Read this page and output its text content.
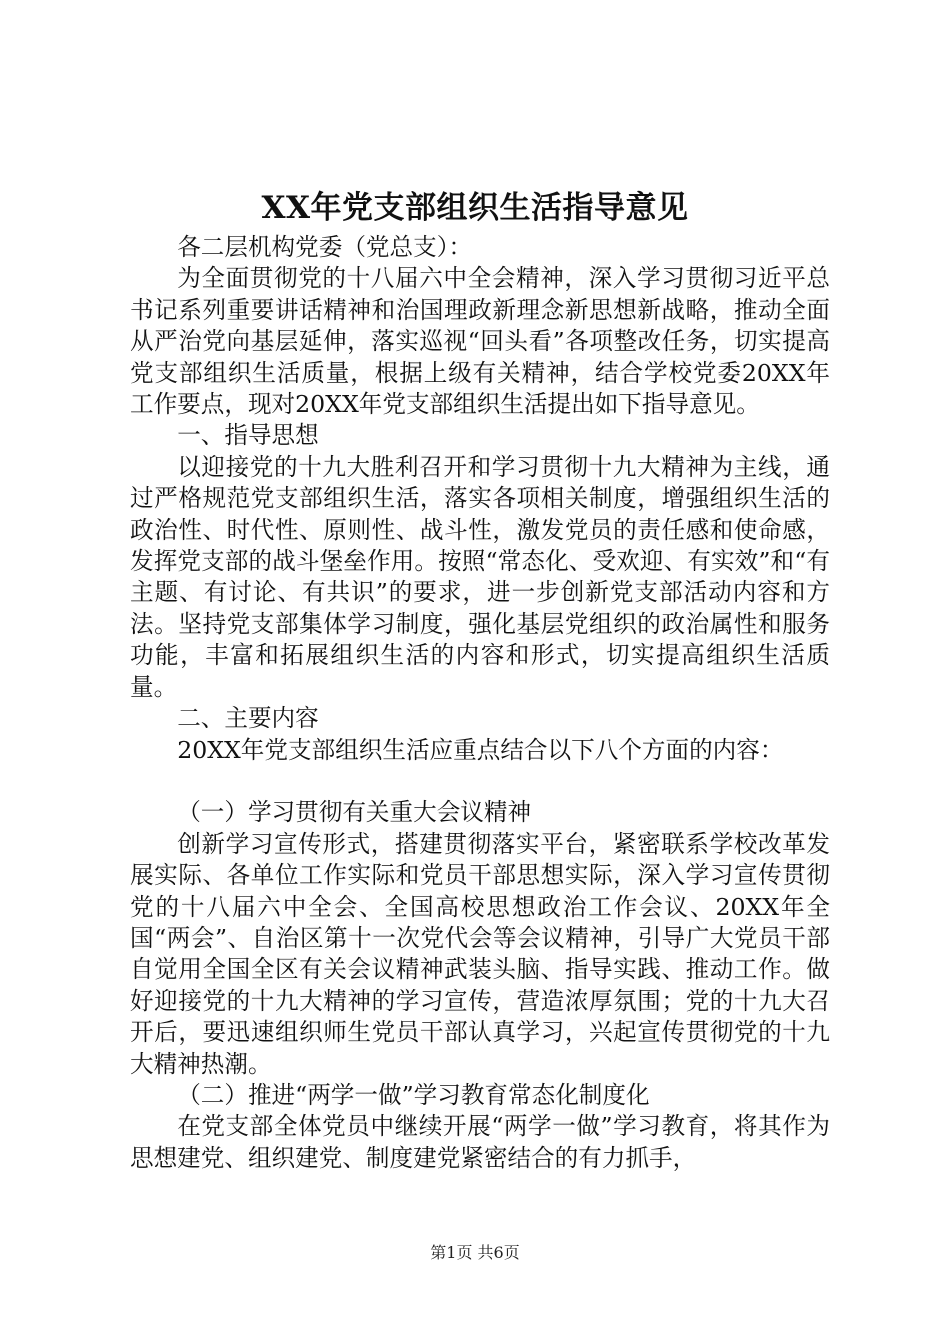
XX年党支部组织生活指导意见

各二层机构党委（党总支）：

为全面贯彻党的十八届六中全会精神，深入学习贯彻习近平总书记系列重要讲话精神和治国理政新理念新思想新战略，推动全面从严治党向基层延伸，落实巡视“回头看”各项整改任务，切实提高党支部组织生活质量，根据上级有关精神，结合学校党委20XX年工作要点，现对20XX年党支部组织生活提出如下指导意见。

一、指导思想

以迎接党的十九大胜利召开和学习贯彻十九大精神为主线，通过严格规范党支部组织生活，落实各项相关制度，增强组织生活的政治性、时代性、原则性、战斗性，激发党员的责任感和使命感，发挥党支部的战斗堡垒作用。按照“常态化、受欢迎、有实效”和“有主题、有讨论、有共识”的要求，进一步创新党支部活动内容和方法。坚持党支部集体学习制度，强化基层党组织的政治属性和服务功能，丰富和拓展组织生活的内容和形式，切实提高组织生活质量。

二、主要内容

20XX年党支部组织生活应重点结合以下八个方面的内容：

（一）学习贯彻有关重大会议精神

创新学习宣传形式，搭建贯彻落实平台，紧密联系学校改革发展实际、各单位工作实际和党员干部思想实际，深入学习宣传贯彻党的十八届六中全会、全国高校思想政治工作会议、20XX年全国“两会”、自治区第十一次党代会等会议精神，引导广大党员干部自觉用全国全区有关会议精神武装头脑、指导实践、推动工作。做好迎接党的十九大精神的学习宣传，营造浓厚氛围；党的十九大召开后，要迅速组织师生党员干部认真学习，兴起宣传贯彻党的十九大精神热潮。

（二）推进“两学一做”学习教育常态化制度化

在党支部全体党员中继续开展“两学一做”学习教育，将其作为思想建党、组织建党、制度建党紧密结合的有力抓手，

第1页 共6页
